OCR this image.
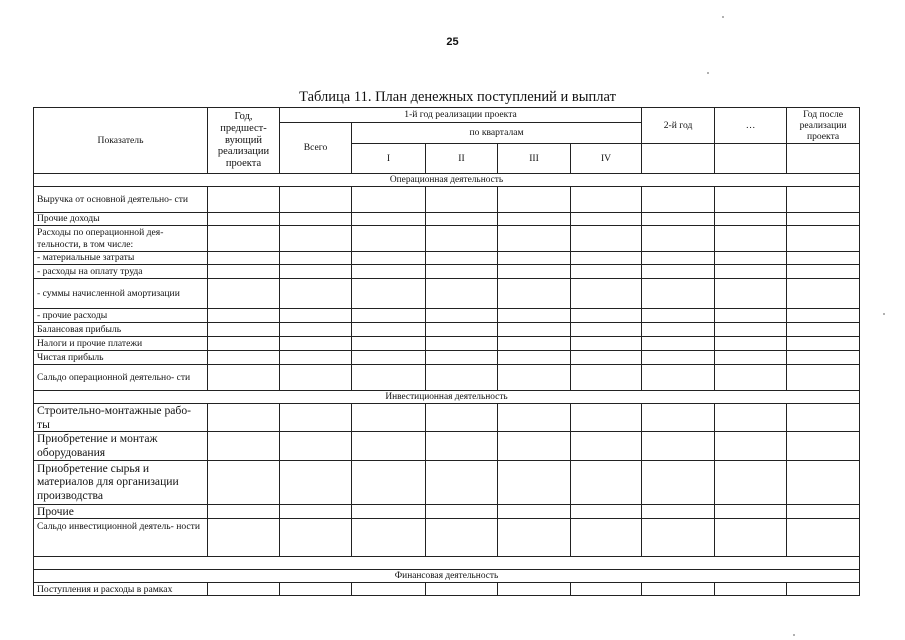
25
Таблица 11. План денежных поступлений и выплат
Показатель	Год, предшест- вующий реализации проекта	1-й год реализации проекта					2-й год	…	Год после реализации проекта
		Всего	по кварталам						
			I	II	III	IV			
Операционная деятельность									
Выручка от основной деятельно- сти									
Прочие доходы									
Расходы по операционной дея- тельности, в том числе:									
- материальные затраты									
- расходы на оплату труда									
- суммы начисленной амортизации									
- прочие расходы									
Балансовая прибыль									
Налоги и прочие платежи									
Чистая прибыль									
Сальдо операционной деятельно- сти									
Инвестиционная деятельность									
Строительно-монтажные рабо- ты									
Приобретение и монтаж оборудования									
Приобретение сырья и материалов для организации производства									
Прочие									
Сальдо инвестиционной деятель- ности									

Финансовая деятельность									
Поступления и расходы в рамках									
